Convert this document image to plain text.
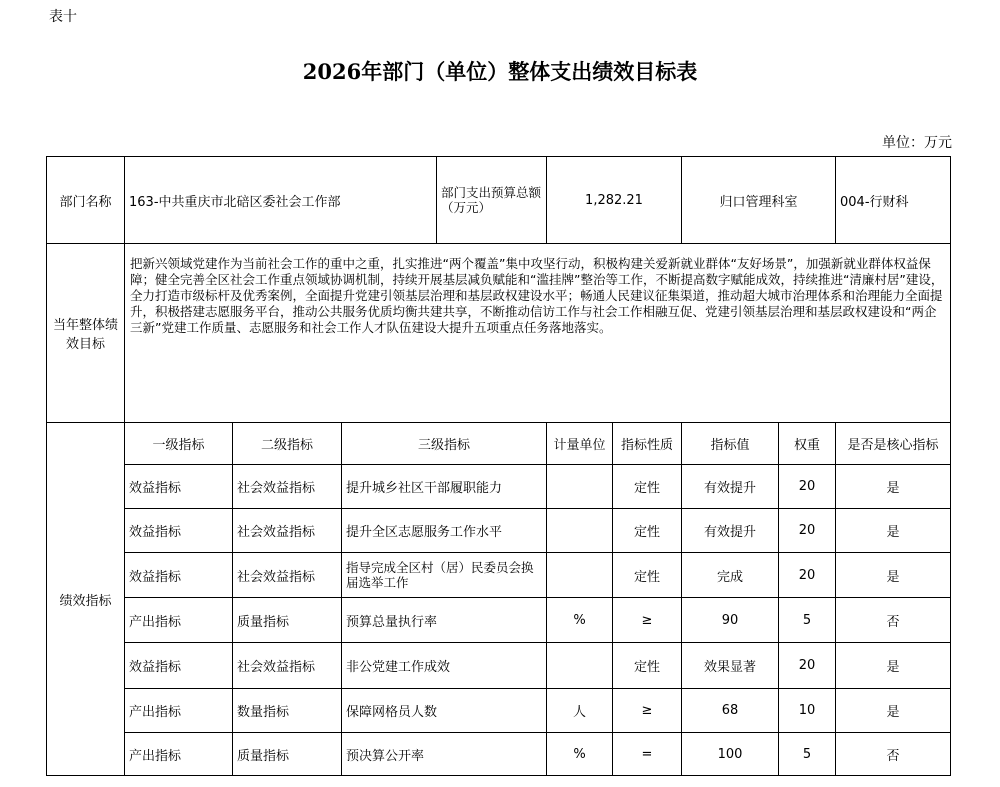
表十
2026年部门（单位）整体支出绩效目标表
单位：万元
部门名称	163-中共重庆市北碚区委社会工作部			部门支出预算总额（万元）	1,282.21		归口管理科室		004-行财科
当年整体绩效目标	把新兴领域党建作为当前社会工作的重中之重，扎实推进“两个覆盖”集中攻坚行动，积极构建关爱新就业群体“友好场景”，加强新就业群体权益保障；健全完善全区社会工作重点领域协调机制，持续开展基层减负赋能和“滥挂牌”整治等工作，不断提高数字赋能成效，持续推进“清廉村居”建设，全力打造市级标杆及优秀案例，全面提升党建引领基层治理和基层政权建设水平；畅通人民建议征集渠道，推动超大城市治理体系和治理能力全面提升，积极搭建志愿服务平台，推动公共服务优质均衡共建共享，不断推动信访工作与社会工作相融互促、党建引领基层治理和基层政权建设和“两企三新”党建工作质量、志愿服务和社会工作人才队伍建设大提升五项重点任务落地落实。								
绩效指标	一级指标	二级指标	三级指标		计量单位	指标性质	指标值	权重	是否是核心指标
	效益指标	社会效益指标	提升城乡社区干部履职能力			定性	有效提升	20	是
	效益指标	社会效益指标	提升全区志愿服务工作水平			定性	有效提升	20	是
	效益指标	社会效益指标	指导完成全区村（居）民委员会换届选举工作			定性	完成	20	是
	产出指标	质量指标	预算总量执行率		%	≥	90	5	否
	效益指标	社会效益指标	非公党建工作成效			定性	效果显著	20	是
	产出指标	数量指标	保障网格员人数		人	≥	68	10	是
	产出指标	质量指标	预决算公开率		%	=	100	5	否
